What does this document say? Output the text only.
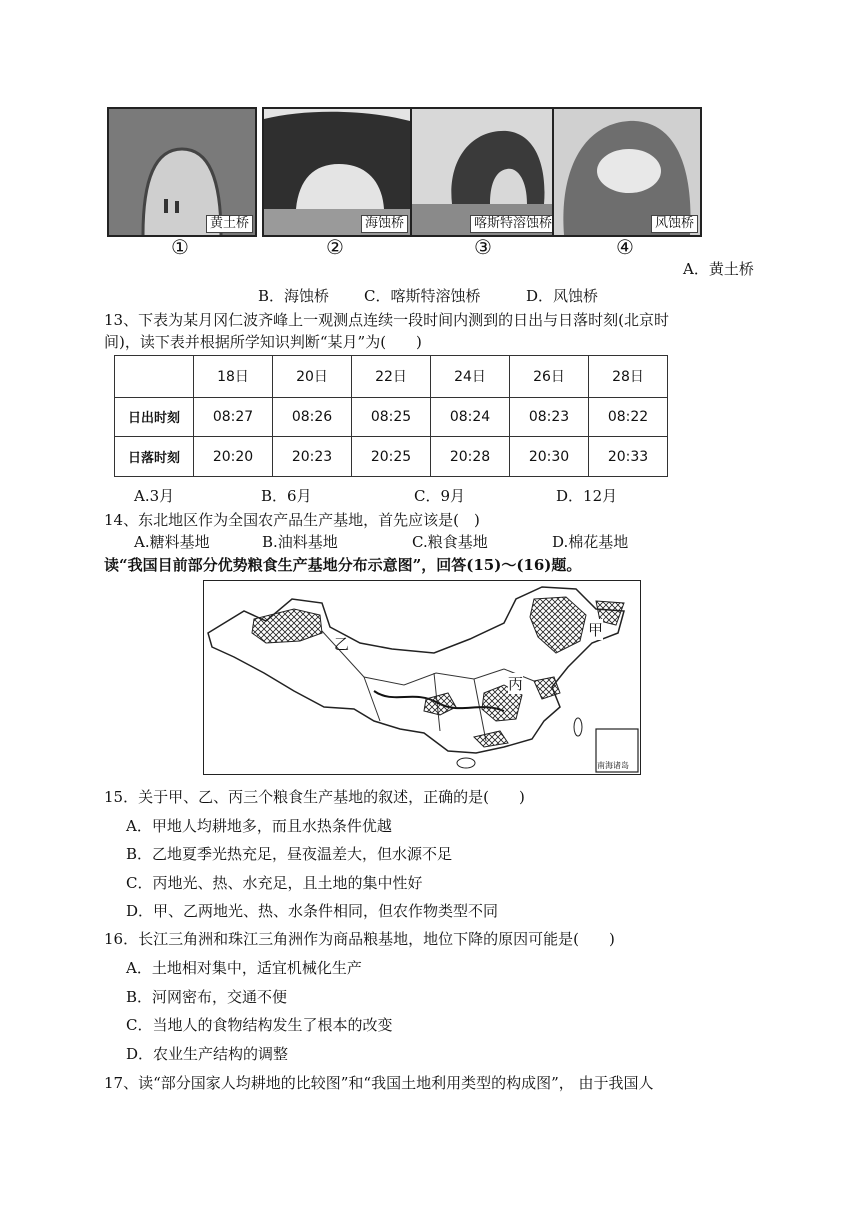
黄土桥	海蚀桥	喀斯特溶蚀桥	风蚀桥
①	②	③	④
A．黄土桥
B．海蚀桥 C．喀斯特溶蚀桥	D．风蚀桥
13、下表为某月冈仁波齐峰上一观测点连续一段时间内测到的日出与日落时刻(北京时
间)，读下表并根据所学知识判断“某月”为(　　)
	18日	20日	22日	24日	26日	28日
日出时刻	08:27	08:26	08:25	08:24	08:23	08:22
日落时刻	20:20	20:23	20:25	20:28	20:30	20:33
A.3月	B．6月	C．9月	D．12月
14、东北地区作为全国农产品生产基地，首先应该是(　)
A.糖料基地	B.油料基地	C.粮食基地	D.棉花基地
读“我国目前部分优势粮食生产基地分布示意图”，回答(15)～(16)题。
甲
乙
丙
南海诸岛
15．关于甲、乙、丙三个粮食生产基地的叙述，正确的是(　　)
A．甲地人均耕地多，而且水热条件优越
B．乙地夏季光热充足，昼夜温差大，但水源不足
C．丙地光、热、水充足，且土地的集中性好
D．甲、乙两地光、热、水条件相同，但农作物类型不同
16．长江三角洲和珠江三角洲作为商品粮基地，地位下降的原因可能是(　　)
A．土地相对集中，适宜机械化生产
B．河网密布，交通不便
C．当地人的食物结构发生了根本的改变
D．农业生产结构的调整
17、读“部分国家人均耕地的比较图”和“我国土地利用类型的构成图”， 由于我国人
